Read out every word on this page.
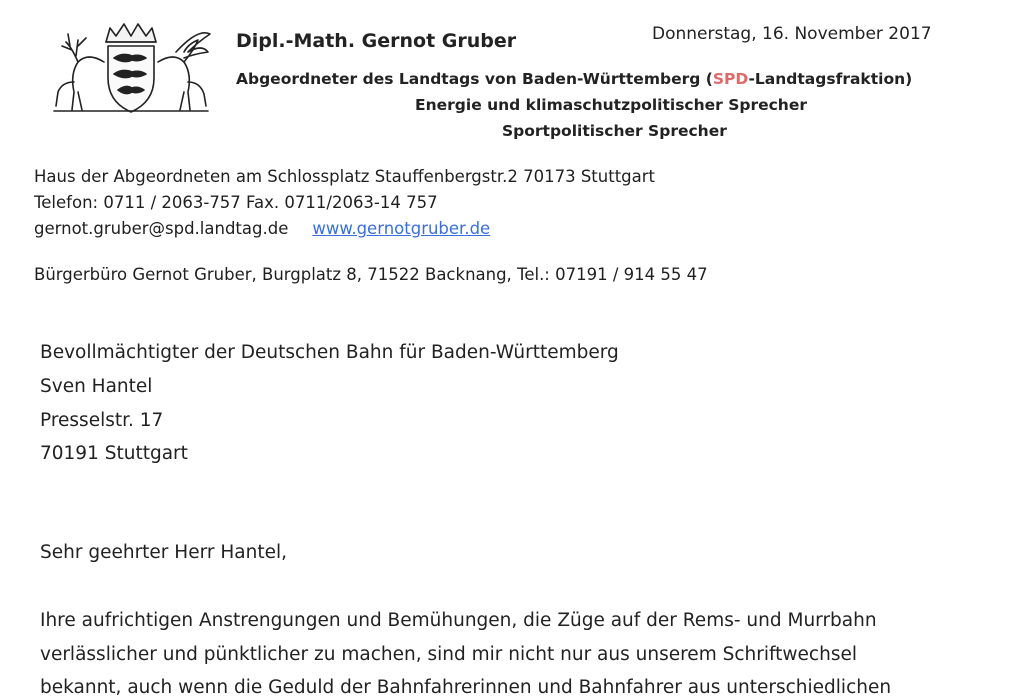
Dipl.-Math. Gernot Gruber	Donnerstag, 16. November 2017
Abgeordneter des Landtags von Baden-Württemberg (SPD-Landtagsfraktion)
Energie und klimaschutzpolitischer Sprecher
Sportpolitischer Sprecher
Haus der Abgeordneten am Schlossplatz Stauffenbergstr.2 70173 Stuttgart
Telefon: 0711 / 2063-757 Fax. 0711/2063-14 757
gernot.gruber@spd.landtag.de www.gernotgruber.de
Bürgerbüro Gernot Gruber, Burgplatz 8, 71522 Backnang, Tel.: 07191 / 914 55 47
Bevollmächtigter der Deutschen Bahn für Baden-Württemberg
Sven Hantel
Presselstr. 17
70191 Stuttgart
Sehr geehrter Herr Hantel,
Ihre aufrichtigen Anstrengungen und Bemühungen, die Züge auf der Rems- und Murrbahn
verlässlicher und pünktlicher zu machen, sind mir nicht nur aus unserem Schriftwechsel
bekannt, auch wenn die Geduld der Bahnfahrerinnen und Bahnfahrer aus unterschiedlichen
